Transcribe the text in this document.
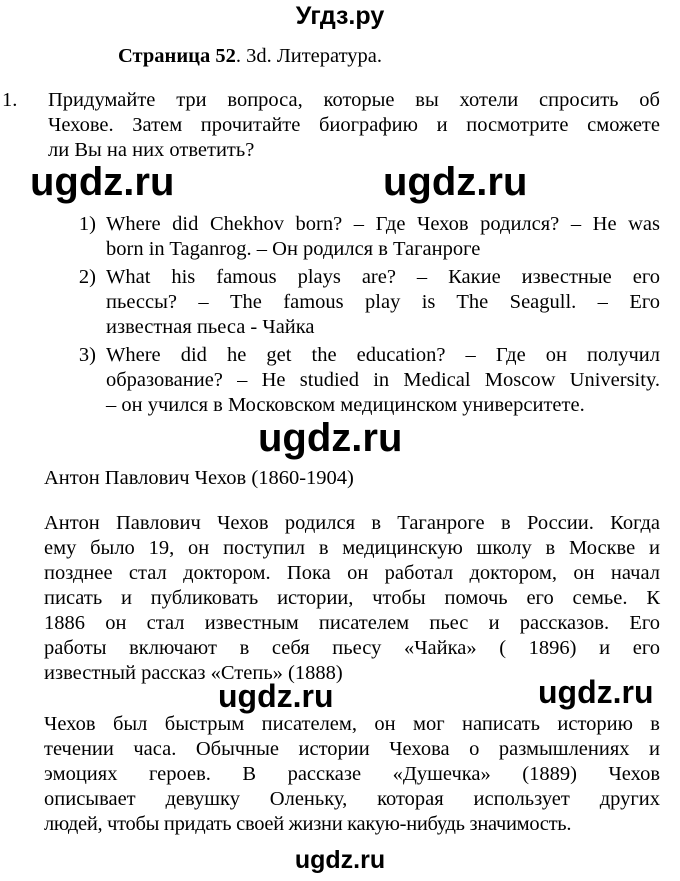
Угдз.ру
Страница 52. 3d. Литература.
1.	Придумайте три вопроса, которые вы хотели спросить об
Чехове. Затем прочитайте биографию и посмотрите сможете
ли Вы на них ответить?
ugdz.ru	ugdz.ru
1) Where did Chekhov born? – Где Чехов родился? – He was
born in Taganrog. – Он родился в Таганроге
2) What his famous plays are? – Какие известные его
пьессы? – The famous play is The Seagull. – Его
известная пьеса - Чайка
3) Where did he get the education? – Где он получил
образование? – He studied in Medical Moscow University.
– он учился в Московском медицинском университете.
ugdz.ru
Антон Павлович Чехов (1860-1904)
Антон Павлович Чехов родился в Таганроге в России. Когда
ему было 19, он поступил в медицинскую школу в Москве и
позднее стал доктором. Пока он работал доктором, он начал
писать и публиковать истории, чтобы помочь его семье. К
1886 он стал известным писателем пьес и рассказов. Его
работы включают в себя пьесу «Чайка» ( 1896) и его
известный рассказ «Степь» (1888)
ugdz.ru	ugdz.ru
Чехов был быстрым писателем, он мог написать историю в
течении часа. Обычные истории Чехова о размышлениях и
эмоциях героев. В рассказе «Душечка» (1889) Чехов
описывает девушку Оленьку, которая использует других
людей, чтобы придать своей жизни какую-нибудь значимость.
ugdz.ru
